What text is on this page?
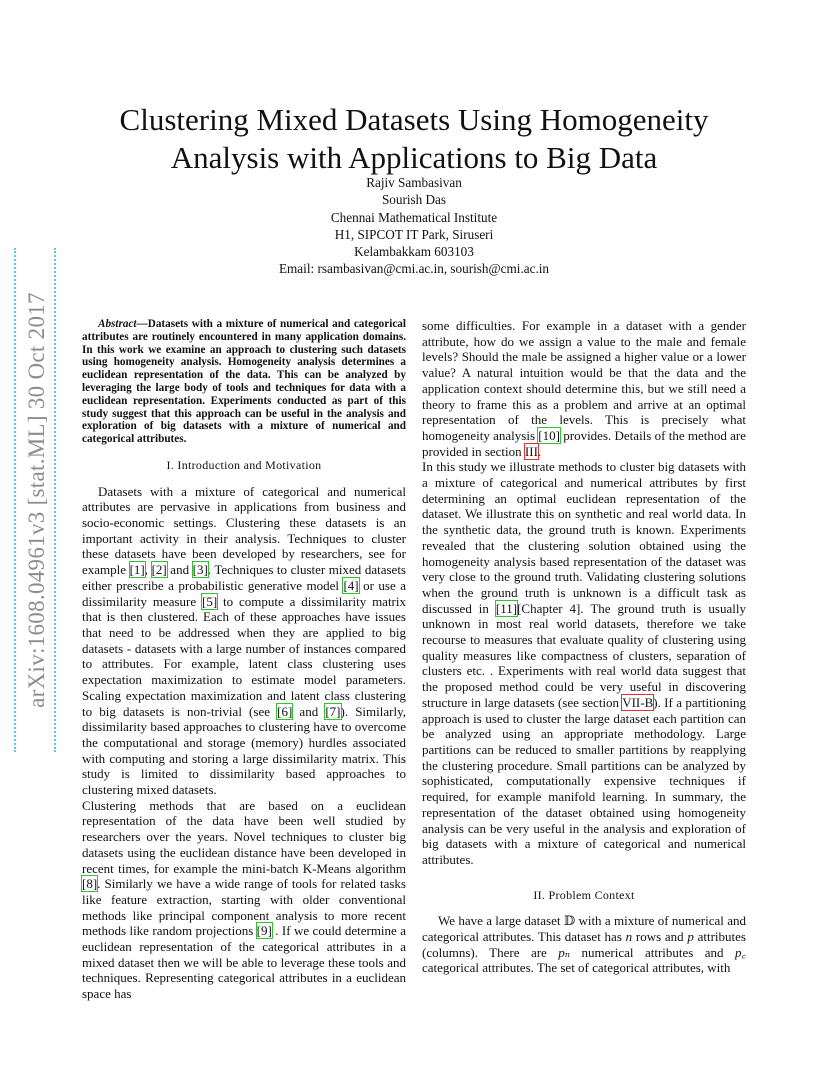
arXiv:1608.04961v3 [stat.ML] 30 Oct 2017
Clustering Mixed Datasets Using Homogeneity
Analysis with Applications to Big Data
Rajiv Sambasivan
Sourish Das
Chennai Mathematical Institute
H1, SIPCOT IT Park, Siruseri
Kelambakkam 603103
Email: rsambasivan@cmi.ac.in, sourish@cmi.ac.in

Abstract—Datasets with a mixture of numerical and categorical attributes are routinely encountered in many application domains. In this work we examine an approach to clustering such datasets using homogeneity analysis. Homogeneity analysis determines a euclidean representation of the data. This can be analyzed by leveraging the large body of tools and techniques for data with a euclidean representation. Experiments conducted as part of this study suggest that this approach can be useful in the analysis and exploration of big datasets with a mixture of numerical and categorical attributes.

I. Introduction and Motivation

Datasets with a mixture of categorical and numerical attributes are pervasive in applications from business and socio-economic settings. Clustering these datasets is an important activity in their analysis. Techniques to cluster these datasets have been developed by researchers, see for example [1], [2] and [3]. Techniques to cluster mixed datasets either prescribe a probabilistic generative model [4] or use a dissimilarity measure [5] to compute a dissimilarity matrix that is then clustered. Each of these approaches have issues that need to be addressed when they are applied to big datasets - datasets with a large number of instances compared to attributes. For example, latent class clustering uses expectation maximization to estimate model parameters. Scaling expectation maximization and latent class clustering to big datasets is non-trivial (see [6] and [7]). Similarly, dissimilarity based approaches to clustering have to overcome the computational and storage (memory) hurdles associated with computing and storing a large dissimilarity matrix. This study is limited to dissimilarity based approaches to clustering mixed datasets.

Clustering methods that are based on a euclidean representation of the data have been well studied by researchers over the years. Novel techniques to cluster big datasets using the euclidean distance have been developed in recent times, for example the mini-batch K-Means algorithm [8]. Similarly we have a wide range of tools for related tasks like feature extraction, starting with older conventional methods like principal component analysis to more recent methods like random projections [9] . If we could determine a euclidean representation of the categorical attributes in a mixed dataset then we will be able to leverage these tools and techniques. Representing categorical attributes in a euclidean space has

some difficulties. For example in a dataset with a gender attribute, how do we assign a value to the male and female levels? Should the male be assigned a higher value or a lower value? A natural intuition would be that the data and the application context should determine this, but we still need a theory to frame this as a problem and arrive at an optimal representation of the levels. This is precisely what homogeneity analysis [10] provides. Details of the method are provided in section III.

In this study we illustrate methods to cluster big datasets with a mixture of categorical and numerical attributes by first determining an optimal euclidean representation of the dataset. We illustrate this on synthetic and real world data. In the synthetic data, the ground truth is known. Experiments revealed that the clustering solution obtained using the homogeneity analysis based representation of the dataset was very close to the ground truth. Validating clustering solutions when the ground truth is unknown is a difficult task as discussed in [11][Chapter 4]. The ground truth is usually unknown in most real world datasets, therefore we take recourse to measures that evaluate quality of clustering using quality measures like compactness of clusters, separation of clusters etc. . Experiments with real world data suggest that the proposed method could be very useful in discovering structure in large datasets (see section VII-B). If a partitioning approach is used to cluster the large dataset each partition can be analyzed using an appropriate methodology. Large partitions can be reduced to smaller partitions by reapplying the clustering procedure. Small partitions can be analyzed by sophisticated, computationally expensive techniques if required, for example manifold learning. In summary, the representation of the dataset obtained using homogeneity analysis can be very useful in the analysis and exploration of big datasets with a mixture of categorical and numerical attributes.

II. Problem Context

We have a large dataset 𝔻 with a mixture of numerical and categorical attributes. This dataset has n rows and p attributes (columns). There are pₙ numerical attributes and p꜀ categorical attributes. The set of categorical attributes, with
